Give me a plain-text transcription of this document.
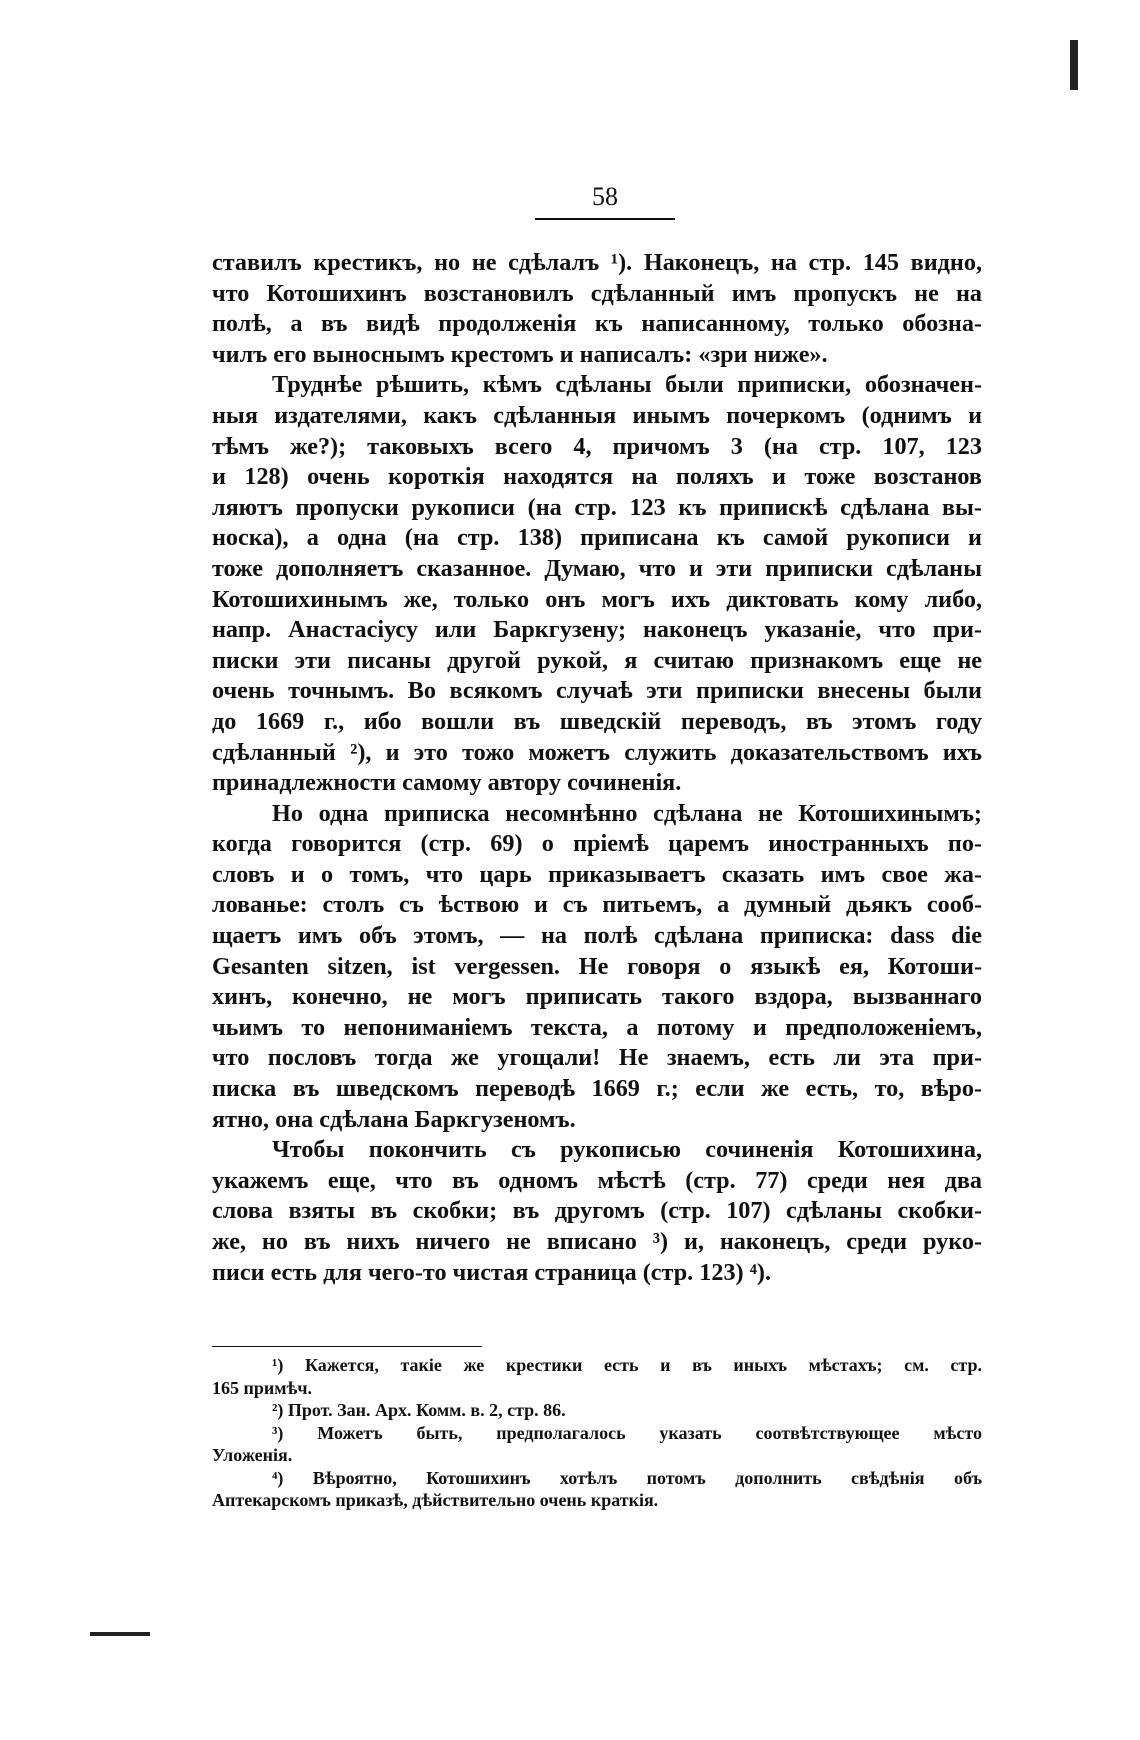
58
ставилъ крестикъ, но не сдѣлалъ ¹). Наконецъ, на стр. 145 видно,
что Котошихинъ возстановилъ сдѣланный имъ пропускъ не на
полѣ, а въ видѣ продолженія къ написанному, только обозна-
чилъ его выноснымъ крестомъ и написалъ: «зри ниже».
Труднѣе рѣшить, кѣмъ сдѣланы были приписки, обозначен-
ныя издателями, какъ сдѣланныя инымъ почеркомъ (однимъ и
тѣмъ же?); таковыхъ всего 4, причомъ 3 (на стр. 107, 123
и 128) очень короткія находятся на поляхъ и тоже возстанов
ляютъ пропуски рукописи (на стр. 123 къ припискѣ сдѣлана вы-
носка), а одна (на стр. 138) приписана къ самой рукописи и
тоже дополняетъ сказанное. Думаю, что и эти приписки сдѣланы
Котошихинымъ же, только онъ могъ ихъ диктовать кому либо,
напр. Анастасіусу или Баркгузену; наконецъ указаніе, что при-
писки эти писаны другой рукой, я считаю признакомъ еще не
очень точнымъ. Во всякомъ случаѣ эти приписки внесены были
до 1669 г., ибо вошли въ шведскій переводъ, въ этомъ году
сдѣланный ²), и это тожо можетъ служить доказательствомъ ихъ
принадлежности самому автору сочиненія.
Но одна приписка несомнѣнно сдѣлана не Котошихинымъ;
когда говорится (стр. 69) о пріемѣ царемъ иностранныхъ по-
словъ и о томъ, что царь приказываетъ сказать имъ свое жа-
лованье: столъ съ ѣствою и съ питьемъ, а думный дьякъ сооб-
щаетъ имъ объ этомъ, — на полѣ сдѣлана приписка: dass die
Gesanten sitzen, ist vergessen. Не говоря о языкѣ ея, Котоши-
хинъ, конечно, не могъ приписать такого вздора, вызваннаго
чьимъ то непониманіемъ текста, а потому и предположеніемъ,
что пословъ тогда же угощали! Не знаемъ, есть ли эта при-
писка въ шведскомъ переводѣ 1669 г.; если же есть, то, вѣро-
ятно, она сдѣлана Баркгузеномъ.
Чтобы покончить съ рукописью сочиненія Котошихина,
укажемъ еще, что въ одномъ мѣстѣ (стр. 77) среди нея два
слова взяты въ скобки; въ другомъ (стр. 107) сдѣланы скобки-
же, но въ нихъ ничего не вписано ³) и, наконецъ, среди руко-
писи есть для чего-то чистая страница (стр. 123) ⁴).
¹) Кажется, такіе же крестики есть и въ иныхъ мѣстахъ; см. стр.
165 примѣч.
²) Прот. Зан. Арх. Комм. в. 2, стр. 86.
³) Можетъ быть, предполагалось указать соотвѣтствующее мѣсто
Уложенія.
⁴) Вѣроятно, Котошихинъ хотѣлъ потомъ дополнить свѣдѣнія объ
Аптекарскомъ приказѣ, дѣйствительно очень краткія.
